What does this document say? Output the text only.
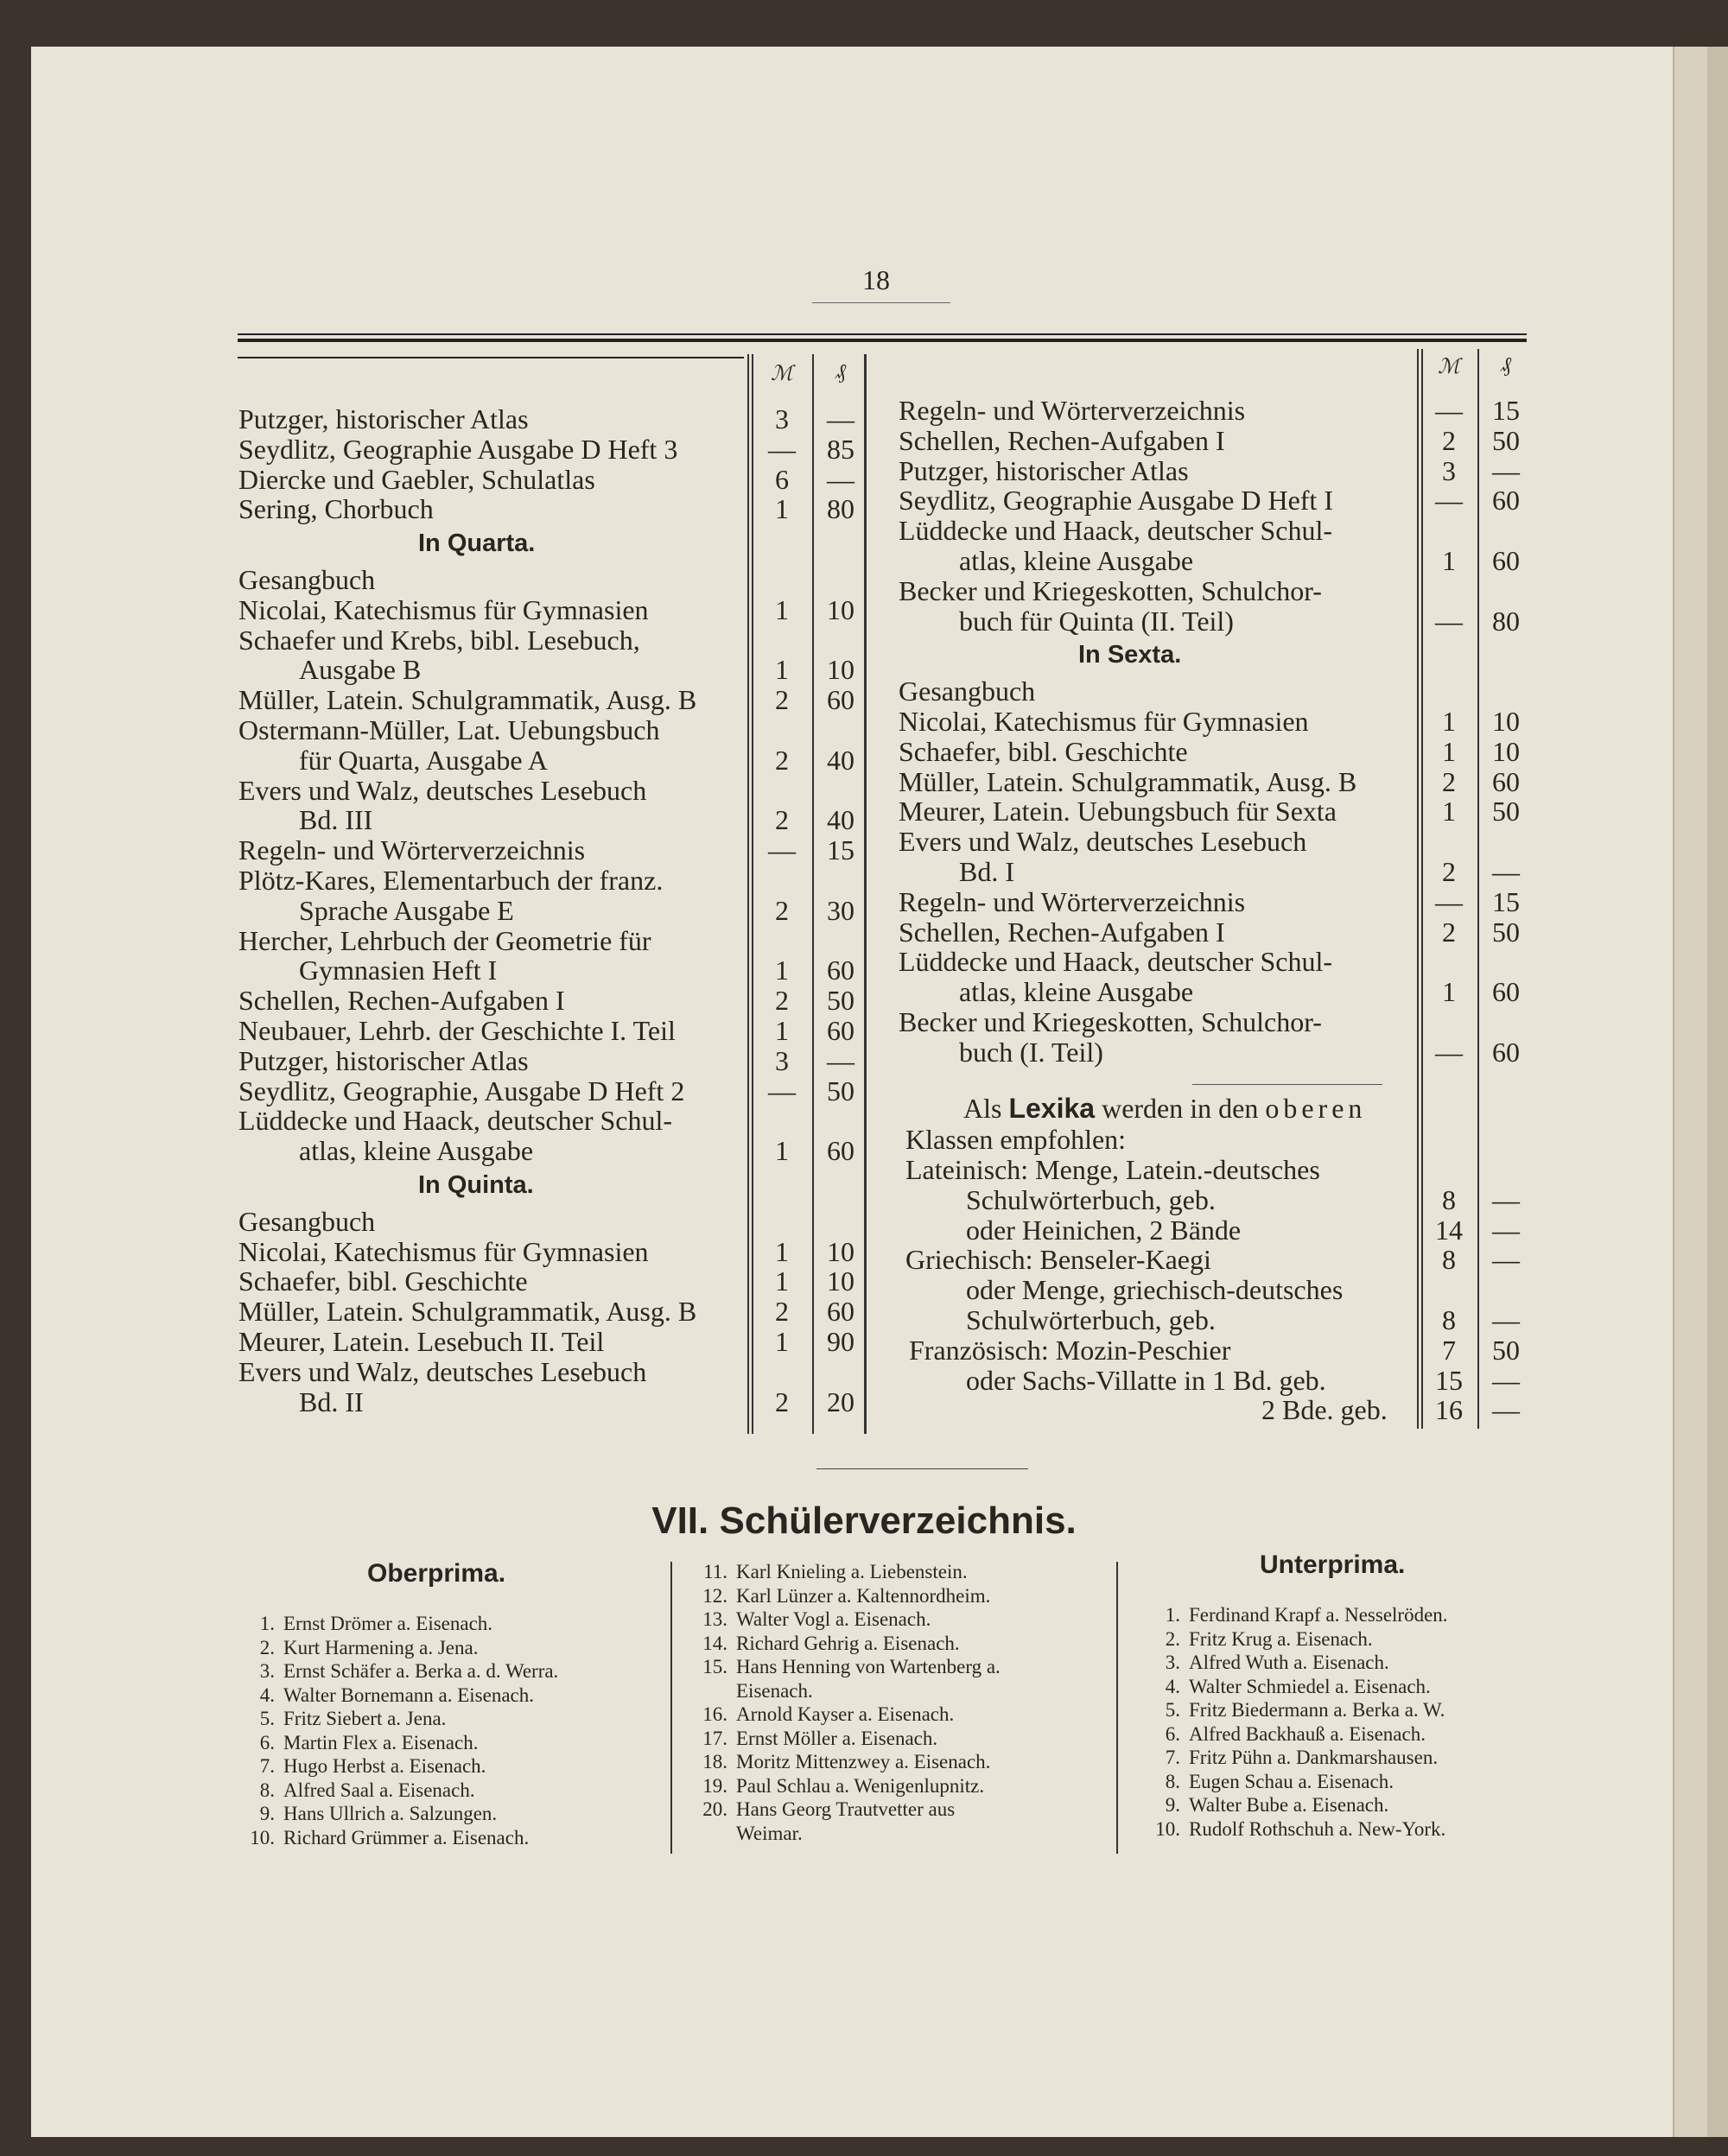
18
ℳ	₰	ℳ	₰
Putzger, historischer Atlas	3	—
Seydlitz, Geographie Ausgabe D Heft 3	— 85
Diercke und Gaebler, Schulatlas	6	—
Sering, Chorbuch	1	80
In Quarta.
Gesangbuch
Nicolai, Katechismus für Gymnasien	1	10
Schaefer und Krebs, bibl. Lesebuch,
Ausgabe B	1	10
Müller, Latein. Schulgrammatik, Ausg. B	2	60
Ostermann-Müller, Lat. Uebungsbuch
für Quarta, Ausgabe A	2	40
Evers und Walz, deutsches Lesebuch
Bd. III	2	40
Regeln- und Wörterverzeichnis	— 15
Plötz-Kares, Elementarbuch der franz.
Sprache Ausgabe E	2	30
Hercher, Lehrbuch der Geometrie für
Gymnasien Heft I	1	60
Schellen, Rechen-Aufgaben I	2	50
Neubauer, Lehrb. der Geschichte I. Teil	1	60
Putzger, historischer Atlas	3	—
Seydlitz, Geographie, Ausgabe D Heft 2	— 50
Lüddecke und Haack, deutscher Schul-
atlas, kleine Ausgabe	1	60
In Quinta.
Gesangbuch
Nicolai, Katechismus für Gymnasien	1	10
Schaefer, bibl. Geschichte	1	10
Müller, Latein. Schulgrammatik, Ausg. B	2	60
Meurer, Latein. Lesebuch II. Teil	1	90
Evers und Walz, deutsches Lesebuch
Bd. II	2	20
Regeln- und Wörterverzeichnis	— 15
Schellen, Rechen-Aufgaben I	2	50
Putzger, historischer Atlas	3	—
Seydlitz, Geographie Ausgabe D Heft I	— 60
Lüddecke und Haack, deutscher Schul-
atlas, kleine Ausgabe	1	60
Becker und Kriegeskotten, Schulchor-
buch für Quinta (II. Teil)	— 80
In Sexta.
Gesangbuch
Nicolai, Katechismus für Gymnasien	1	10
Schaefer, bibl. Geschichte	1	10
Müller, Latein. Schulgrammatik, Ausg. B	2	60
Meurer, Latein. Uebungsbuch für Sexta	1	50
Evers und Walz, deutsches Lesebuch
Bd. I	2	—
Regeln- und Wörterverzeichnis	— 15
Schellen, Rechen-Aufgaben I	2	50
Lüddecke und Haack, deutscher Schul-
atlas, kleine Ausgabe	1	60
Becker und Kriegeskotten, Schulchor-
buch (I. Teil)	— 60
Als Lexika werden in den oberen
Klassen empfohlen:
Lateinisch: Menge, Latein.-deutsches
Schulwörterbuch, geb.	8	—
oder Heinichen, 2 Bände	14 —
Griechisch: Benseler-Kaegi	8	—
oder Menge, griechisch-deutsches
Schulwörterbuch, geb.	8	—
Französisch: Mozin-Peschier	7	50
oder Sachs-Villatte in 1 Bd. geb.	15 —
2 Bde. geb. 16 —
VII. Schülerverzeichnis.
Oberprima.	Unterprima.
1. Ernst Drömer a. Eisenach.
2. Kurt Harmening a. Jena.
3. Ernst Schäfer a. Berka a. d. Werra.
4. Walter Bornemann a. Eisenach.
5. Fritz Siebert a. Jena.
6. Martin Flex a. Eisenach.
7. Hugo Herbst a. Eisenach.
8. Alfred Saal a. Eisenach.
9. Hans Ullrich a. Salzungen.
10. Richard Grümmer a. Eisenach.
11. Karl Knieling a. Liebenstein.
12. Karl Lünzer a. Kaltennordheim.
13. Walter Vogl a. Eisenach.
14. Richard Gehrig a. Eisenach.
15. Hans Henning von Wartenberg a.
Eisenach.
16. Arnold Kayser a. Eisenach.
17. Ernst Möller a. Eisenach.
18. Moritz Mittenzwey a. Eisenach.
19. Paul Schlau a. Wenigenlupnitz.
20. Hans Georg Trautvetter aus
Weimar.
1. Ferdinand Krapf a. Nesselröden.
2. Fritz Krug a. Eisenach.
3. Alfred Wuth a. Eisenach.
4. Walter Schmiedel a. Eisenach.
5. Fritz Biedermann a. Berka a. W.
6. Alfred Backhauß a. Eisenach.
7. Fritz Pühn a. Dankmarshausen.
8. Eugen Schau a. Eisenach.
9. Walter Bube a. Eisenach.
10. Rudolf Rothschuh a. New-York.
